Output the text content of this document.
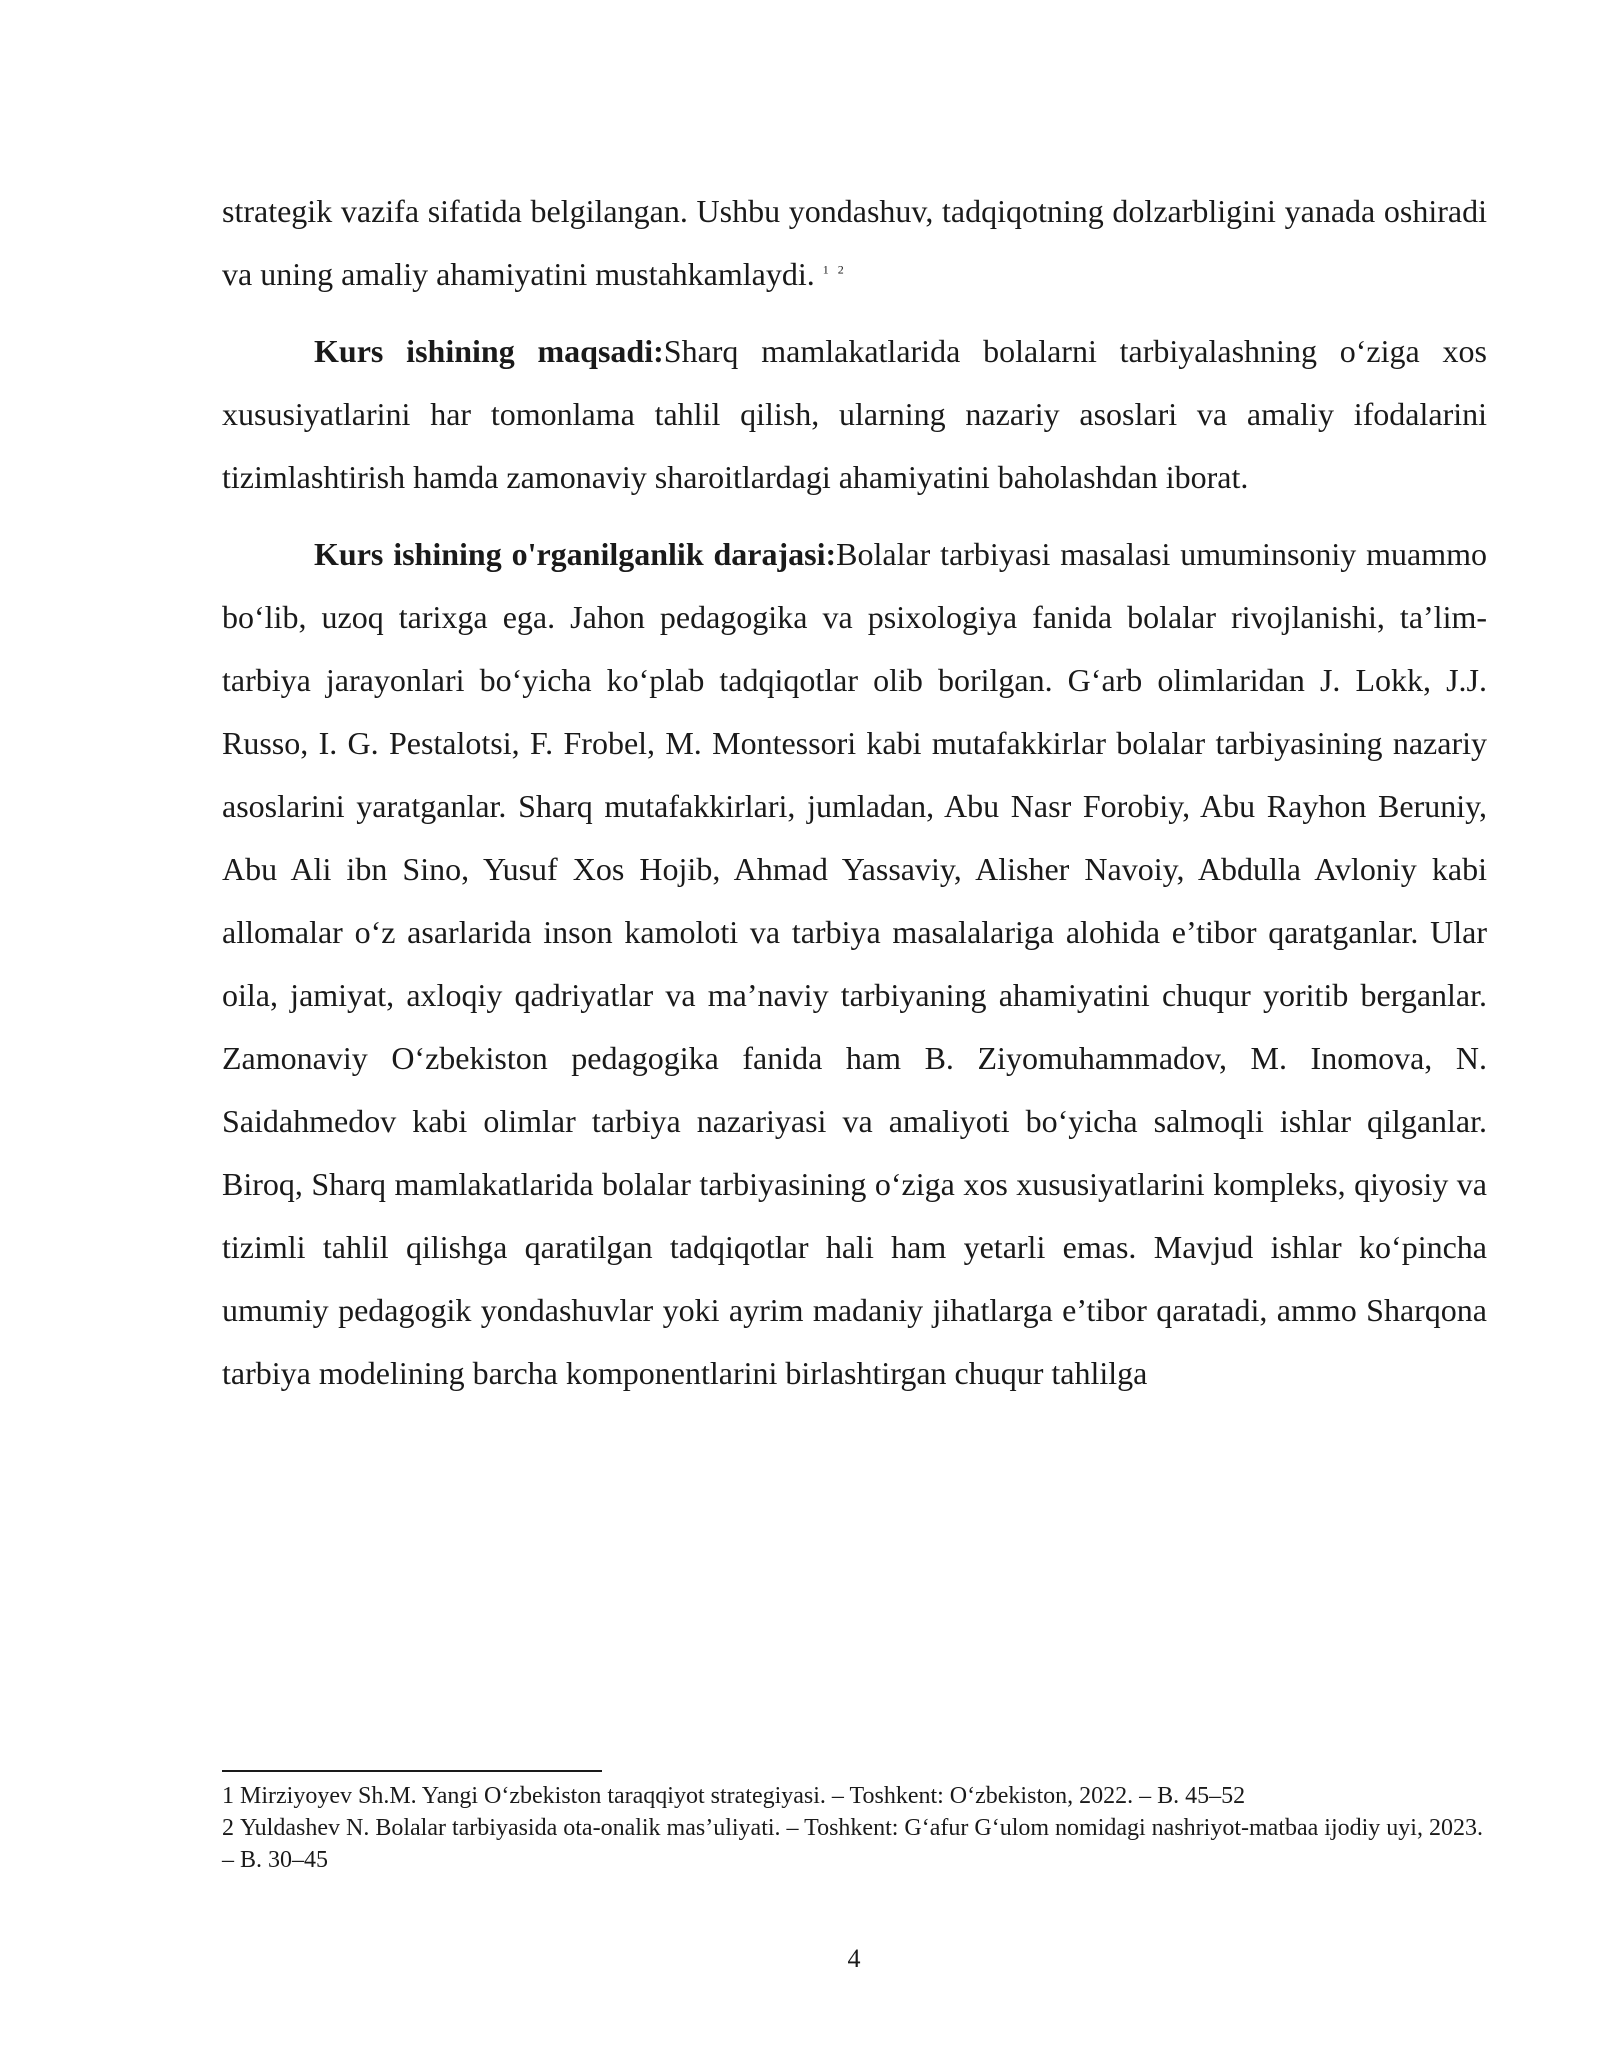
strategik vazifa sifatida belgilangan. Ushbu yondashuv, tadqiqotning dolzarbligini yanada oshiradi va uning amaliy ahamiyatini mustahkamlaydi. $^{1 2}$

Kurs ishining maqsadi:Sharq mamlakatlarida bolalarni tarbiyalashning o‘ziga xos xususiyatlarini har tomonlama tahlil qilish, ularning nazariy asoslari va amaliy ifodalarini tizimlashtirish hamda zamonaviy sharoitlardagi ahamiyatini baholashdan iborat.

Kurs ishining o'rganilganlik darajasi:Bolalar tarbiyasi masalasi umuminsoniy muammo bo‘lib, uzoq tarixga ega. Jahon pedagogika va psixologiya fanida bolalar rivojlanishi, ta’lim-tarbiya jarayonlari bo‘yicha ko‘plab tadqiqotlar olib borilgan. G‘arb olimlaridan J. Lokk, J.J. Russo, I. G. Pestalotsi, F. Frobel, M. Montessori kabi mutafakkirlar bolalar tarbiyasining nazariy asoslarini yaratganlar. Sharq mutafakkirlari, jumladan, Abu Nasr Forobiy, Abu Rayhon Beruniy, Abu Ali ibn Sino, Yusuf Xos Hojib, Ahmad Yassaviy, Alisher Navoiy, Abdulla Avloniy kabi allomalar o‘z asarlarida inson kamoloti va tarbiya masalalariga alohida e’tibor qaratganlar. Ular oila, jamiyat, axloqiy qadriyatlar va ma’naviy tarbiyaning ahamiyatini chuqur yoritib berganlar. Zamonaviy O‘zbekiston pedagogika fanida ham B. Ziyomuhammadov, M. Inomova, N. Saidahmedov kabi olimlar tarbiya nazariyasi va amaliyoti bo‘yicha salmoqli ishlar qilganlar. Biroq, Sharq mamlakatlarida bolalar tarbiyasining o‘ziga xos xususiyatlarini kompleks, qiyosiy va tizimli tahlil qilishga qaratilgan tadqiqotlar hali ham yetarli emas. Mavjud ishlar ko‘pincha umumiy pedagogik yondashuvlar yoki ayrim madaniy jihatlarga e’tibor qaratadi, ammo Sharqona tarbiya modelining barcha komponentlarini birlashtirgan chuqur tahlilga

1 Mirziyoyev Sh.M. Yangi O‘zbekiston taraqqiyot strategiyasi. – Toshkent: O‘zbekiston, 2022. – B. 45–52

2 Yuldashev N. Bolalar tarbiyasida ota-onalik mas’uliyati. – Toshkent: G‘afur G‘ulom nomidagi nashriyot-matbaa ijodiy uyi, 2023. – B. 30–45

4
